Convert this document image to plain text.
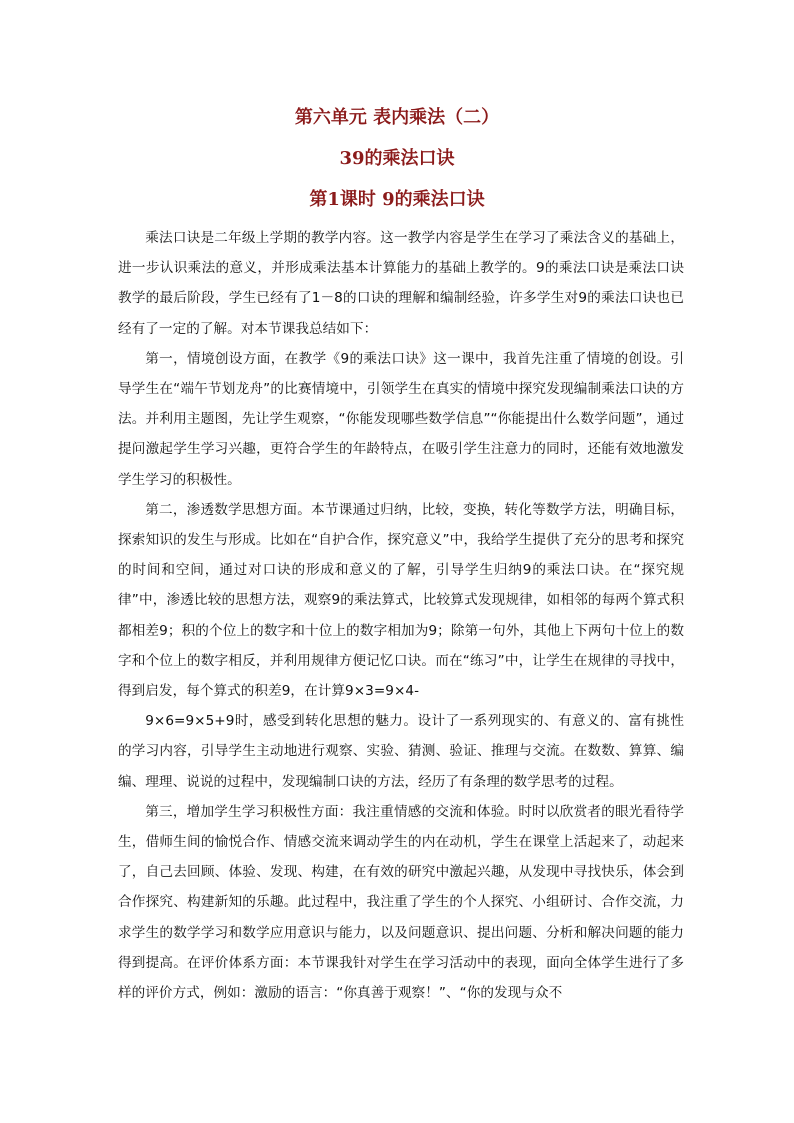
第六单元 表内乘法（二）
39的乘法口诀
第1课时 9的乘法口诀

乘法口诀是二年级上学期的教学内容。这一教学内容是学生在学习了乘法含义的基础上，进一步认识乘法的意义，并形成乘法基本计算能力的基础上教学的。9的乘法口诀是乘法口诀教学的最后阶段，学生已经有了1－8的口诀的理解和编制经验，许多学生对9的乘法口诀也已经有了一定的了解。对本节课我总结如下：

第一，情境创设方面，在教学《9的乘法口诀》这一课中，我首先注重了情境的创设。引导学生在“端午节划龙舟”的比赛情境中，引领学生在真实的情境中探究发现编制乘法口诀的方法。并利用主题图，先让学生观察，“你能发现哪些数学信息”“你能提出什么数学问题”，通过提问激起学生学习兴趣，更符合学生的年龄特点，在吸引学生注意力的同时，还能有效地激发学生学习的积极性。

第二，渗透数学思想方面。本节课通过归纳，比较，变换，转化等数学方法，明确目标，探索知识的发生与形成。比如在“自护合作，探究意义”中，我给学生提供了充分的思考和探究的时间和空间，通过对口诀的形成和意义的了解，引导学生归纳9的乘法口诀。在“探究规律”中，渗透比较的思想方法，观察9的乘法算式，比较算式发现规律，如相邻的每两个算式积都相差9；积的个位上的数字和十位上的数字相加为9；除第一句外，其他上下两句十位上的数字和个位上的数字相反，并利用规律方便记忆口诀。而在“练习”中，让学生在规律的寻找中，得到启发，每个算式的积差9，在计算9×3=9×4-

9×6=9×5+9时，感受到转化思想的魅力。设计了一系列现实的、有意义的、富有挑性的学习内容，引导学生主动地进行观察、实验、猜测、验证、推理与交流。在数数、算算、编编、理理、说说的过程中，发现编制口诀的方法，经历了有条理的数学思考的过程。

第三，增加学生学习积极性方面：我注重情感的交流和体验。时时以欣赏者的眼光看待学生，借师生间的愉悦合作、情感交流来调动学生的内在动机，学生在课堂上活起来了，动起来了，自己去回顾、体验、发现、构建，在有效的研究中激起兴趣，从发现中寻找快乐，体会到合作探究、构建新知的乐趣。此过程中，我注重了学生的个人探究、小组研讨、合作交流，力求学生的数学学习和数学应用意识与能力，以及问题意识、提出问题、分析和解决问题的能力得到提高。在评价体系方面：本节课我针对学生在学习活动中的表现，面向全体学生进行了多样的评价方式，例如：激励的语言：“你真善于观察！”、“你的发现与众不
